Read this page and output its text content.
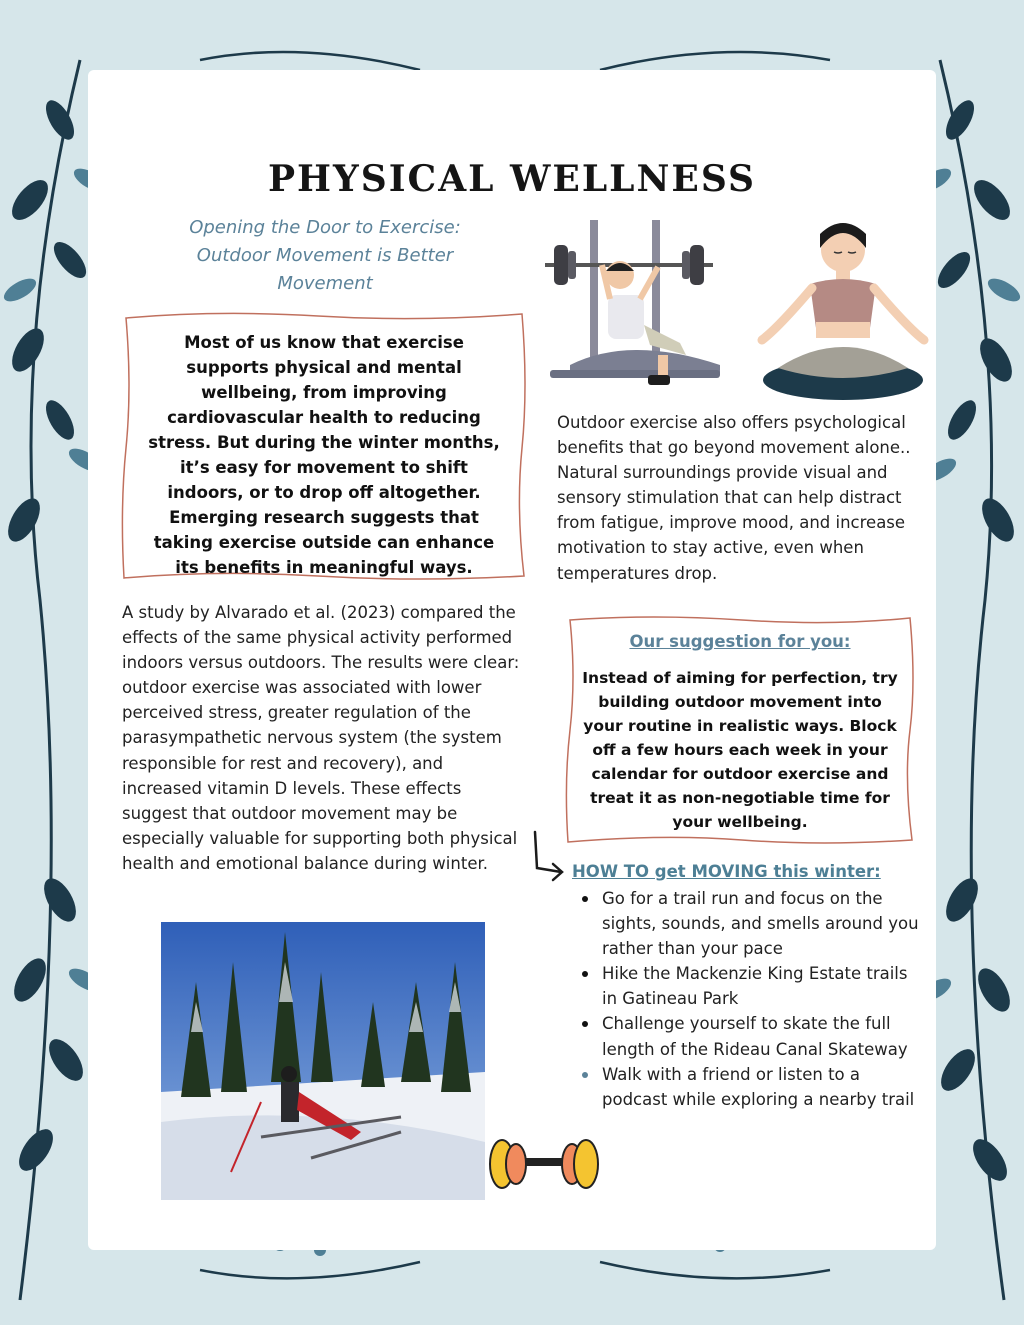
PHYSICAL WELLNESS
Opening the Door to Exercise: Outdoor Movement is Better Movement
Most of us know that exercise supports physical and mental wellbeing, from improving cardiovascular health to reducing stress. But during the winter months, it’s easy for movement to shift indoors, or to drop off altogether. Emerging research suggests that taking exercise outside can enhance its benefits in meaningful ways.
A study by Alvarado et al. (2023) compared the effects of the same physical activity performed indoors versus outdoors. The results were clear: outdoor exercise was associated with lower perceived stress, greater regulation of the parasympathetic nervous system (the system responsible for rest and recovery), and increased vitamin D levels. These effects suggest that outdoor movement may be especially valuable for supporting both physical health and emotional balance during winter.
Outdoor exercise also offers psychological benefits that go beyond movement alone.. Natural surroundings provide visual and sensory stimulation that can help distract from fatigue, improve mood, and increase motivation to stay active, even when temperatures drop.
Our suggestion for you:
Instead of aiming for perfection, try building outdoor movement into your routine in realistic ways. Block off a few hours each week in your calendar for outdoor exercise and treat it as non-negotiable time for your wellbeing.
HOW TO get MOVING this winter:
Go for a trail run and focus on the sights, sounds, and smells around you rather than your pace
Hike the Mackenzie King Estate trails in Gatineau Park
Challenge yourself to skate the full length of the Rideau Canal Skateway
Walk with a friend or listen to a podcast while exploring a nearby trail
